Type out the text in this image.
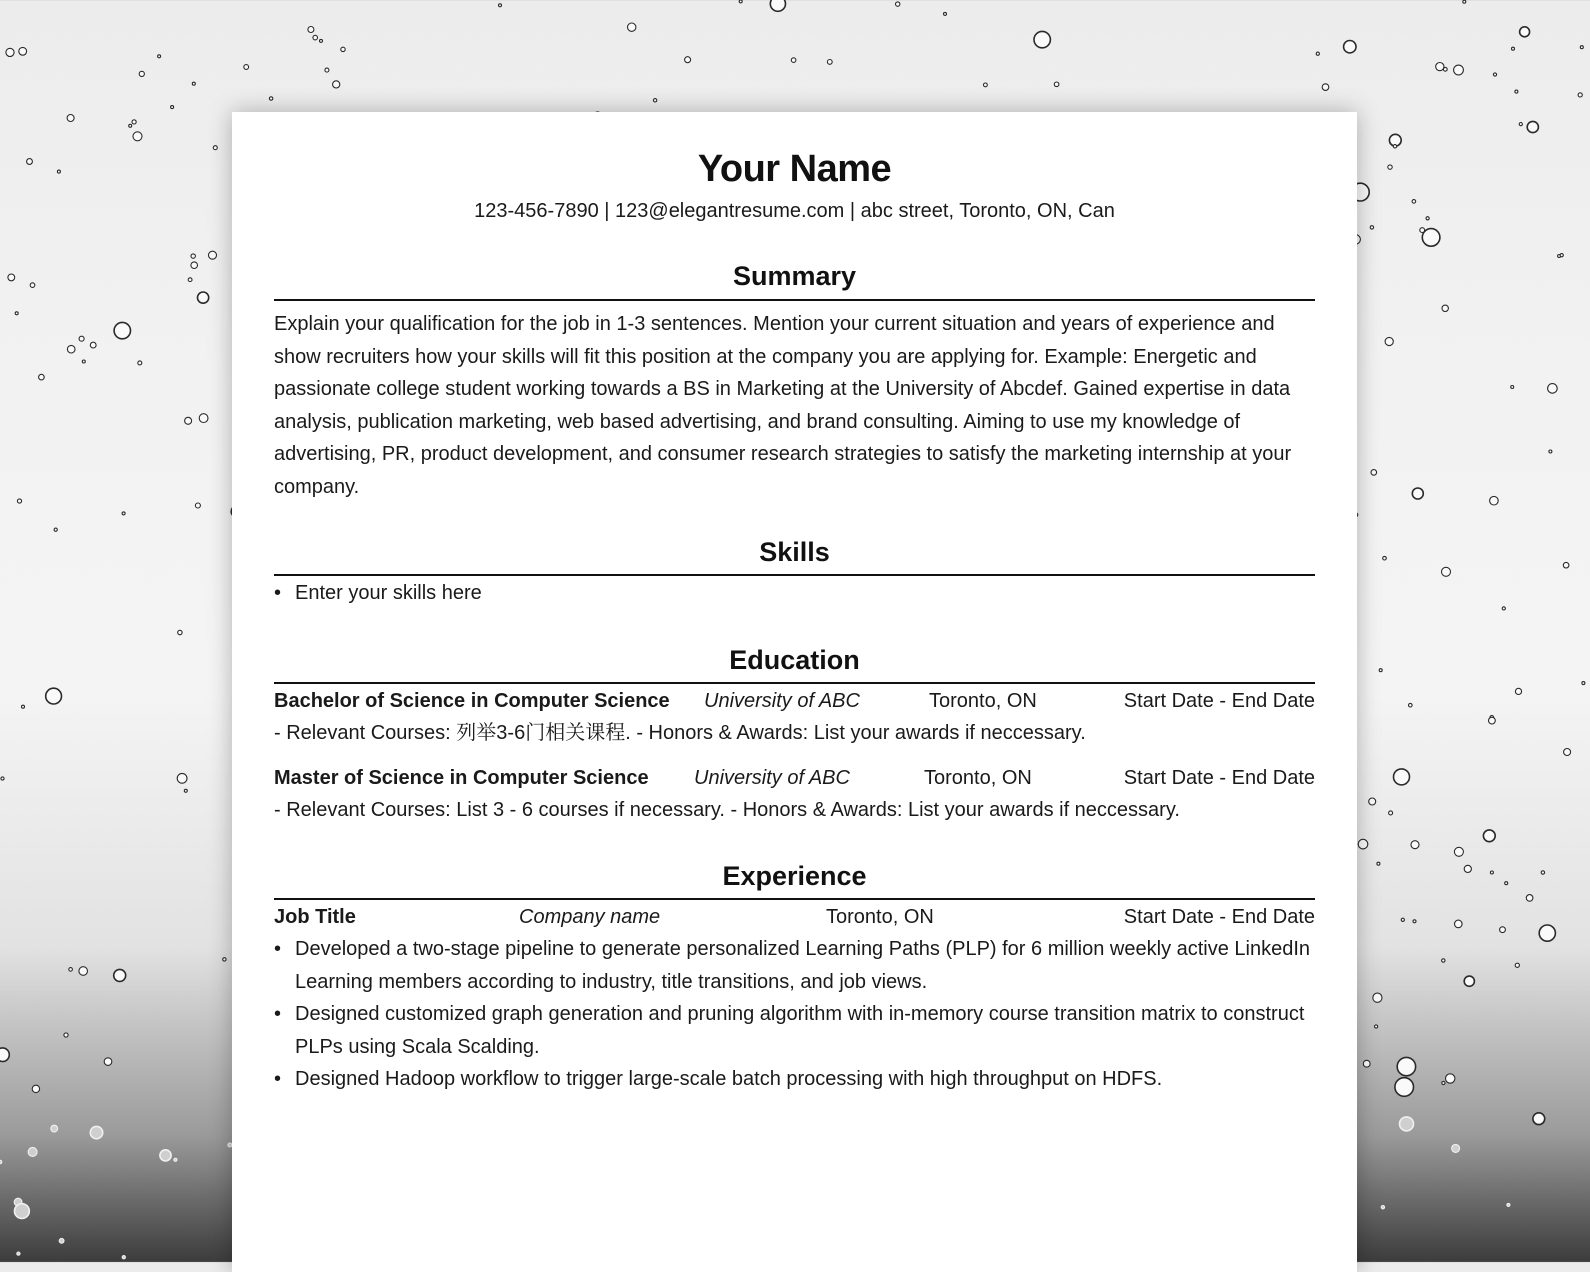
Your Name
123-456-7890 | 123@elegantresume.com | abc street, Toronto, ON, Can
Summary
Explain your qualification for the job in 1-3 sentences. Mention your current situation and years of experience and show recruiters how your skills will fit this position at the company you are applying for. Example: Energetic and passionate college student working towards a BS in Marketing at the University of Abcdef. Gained expertise in data analysis, publication marketing, web based advertising, and brand consulting. Aiming to use my knowledge of advertising, PR, product development, and consumer research strategies to satisfy the marketing internship at your company.
Skills
• Enter your skills here
Education
Bachelor of Science in Computer Science University of ABC	Toronto, ON	Start Date - End Date
- Relevant Courses: 列举3-6门相关课程. - Honors & Awards: List your awards if neccessary.
Master of Science in Computer Science University of ABC	Toronto, ON	Start Date - End Date
- Relevant Courses: List 3 - 6 courses if necessary. - Honors & Awards: List your awards if neccessary.
Experience
Job Title	Company name	Toronto, ON	Start Date - End Date
• Developed a two-stage pipeline to generate personalized Learning Paths (PLP) for 6 million weekly active LinkedIn Learning members according to industry, title transitions, and job views.
• Designed customized graph generation and pruning algorithm with in-memory course transition matrix to construct PLPs using Scala Scalding.
• Designed Hadoop workflow to trigger large-scale batch processing with high throughput on HDFS.
